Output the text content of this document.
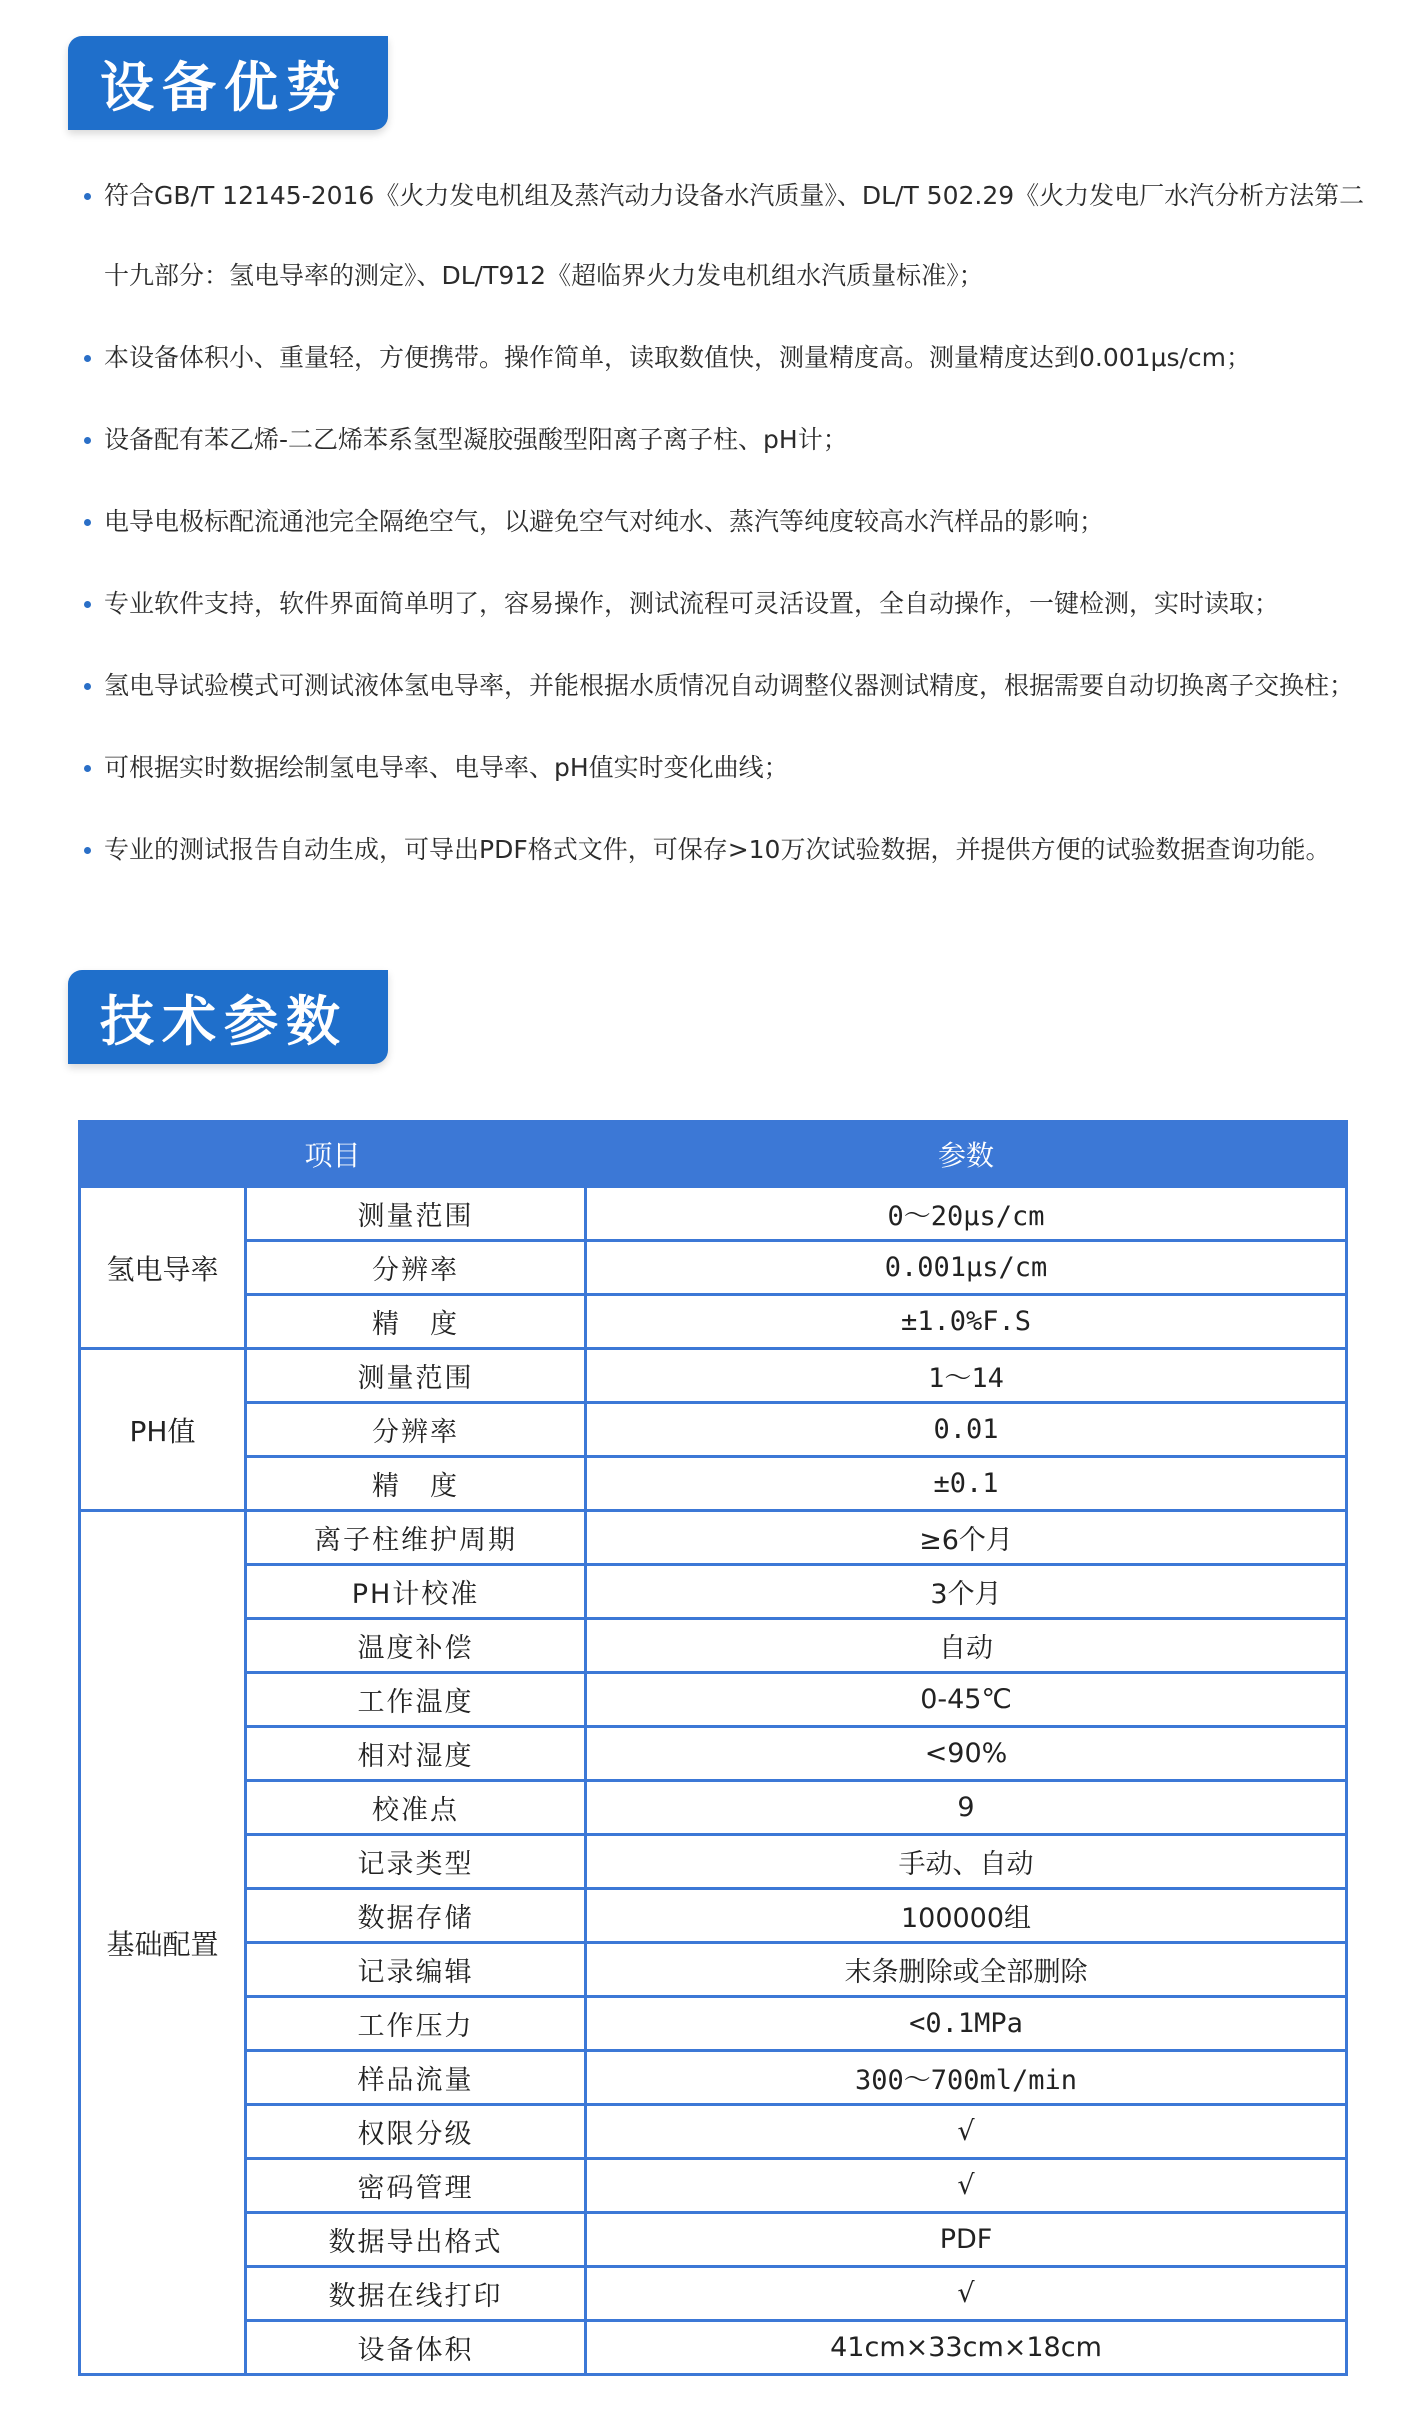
设备优势
符合GB/T 12145-2016《火力发电机组及蒸汽动力设备水汽质量》、DL/T 502.29《火力发电厂水汽分析方法第二十九部分：氢电导率的测定》、DL/T912《超临界火力发电机组水汽质量标准》；
本设备体积小、重量轻，方便携带。操作简单，读取数值快，测量精度高。测量精度达到0.001μs/cm；
设备配有苯乙烯-二乙烯苯系氢型凝胶强酸型阳离子离子柱、pH计；
电导电极标配流通池完全隔绝空气，以避免空气对纯水、蒸汽等纯度较高水汽样品的影响；
专业软件支持，软件界面简单明了，容易操作，测试流程可灵活设置，全自动操作，一键检测，实时读取；
氢电导试验模式可测试液体氢电导率，并能根据水质情况自动调整仪器测试精度，根据需要自动切换离子交换柱；
可根据实时数据绘制氢电导率、电导率、pH值实时变化曲线；
专业的测试报告自动生成，可导出PDF格式文件，可保存>10万次试验数据，并提供方便的试验数据查询功能。
技术参数
项目		参数
氢电导率	测量范围	0～20μs/cm
	分辨率	0.001μs/cm
	精　度	±1.0%F.S
PH值	测量范围	1～14
	分辨率	0.01
	精　度	±0.1
基础配置	离子柱维护周期	≥6个月
	PH计校准	3个月
	温度补偿	自动
	工作温度	0-45℃
	相对湿度	<90%
	校准点	9
	记录类型	手动、自动
	数据存储	100000组
	记录编辑	末条删除或全部删除
	工作压力	<0.1MPa
	样品流量	300～700ml/min
	权限分级	√
	密码管理	√
	数据导出格式	PDF
	数据在线打印	√
	设备体积	41cm×33cm×18cm
